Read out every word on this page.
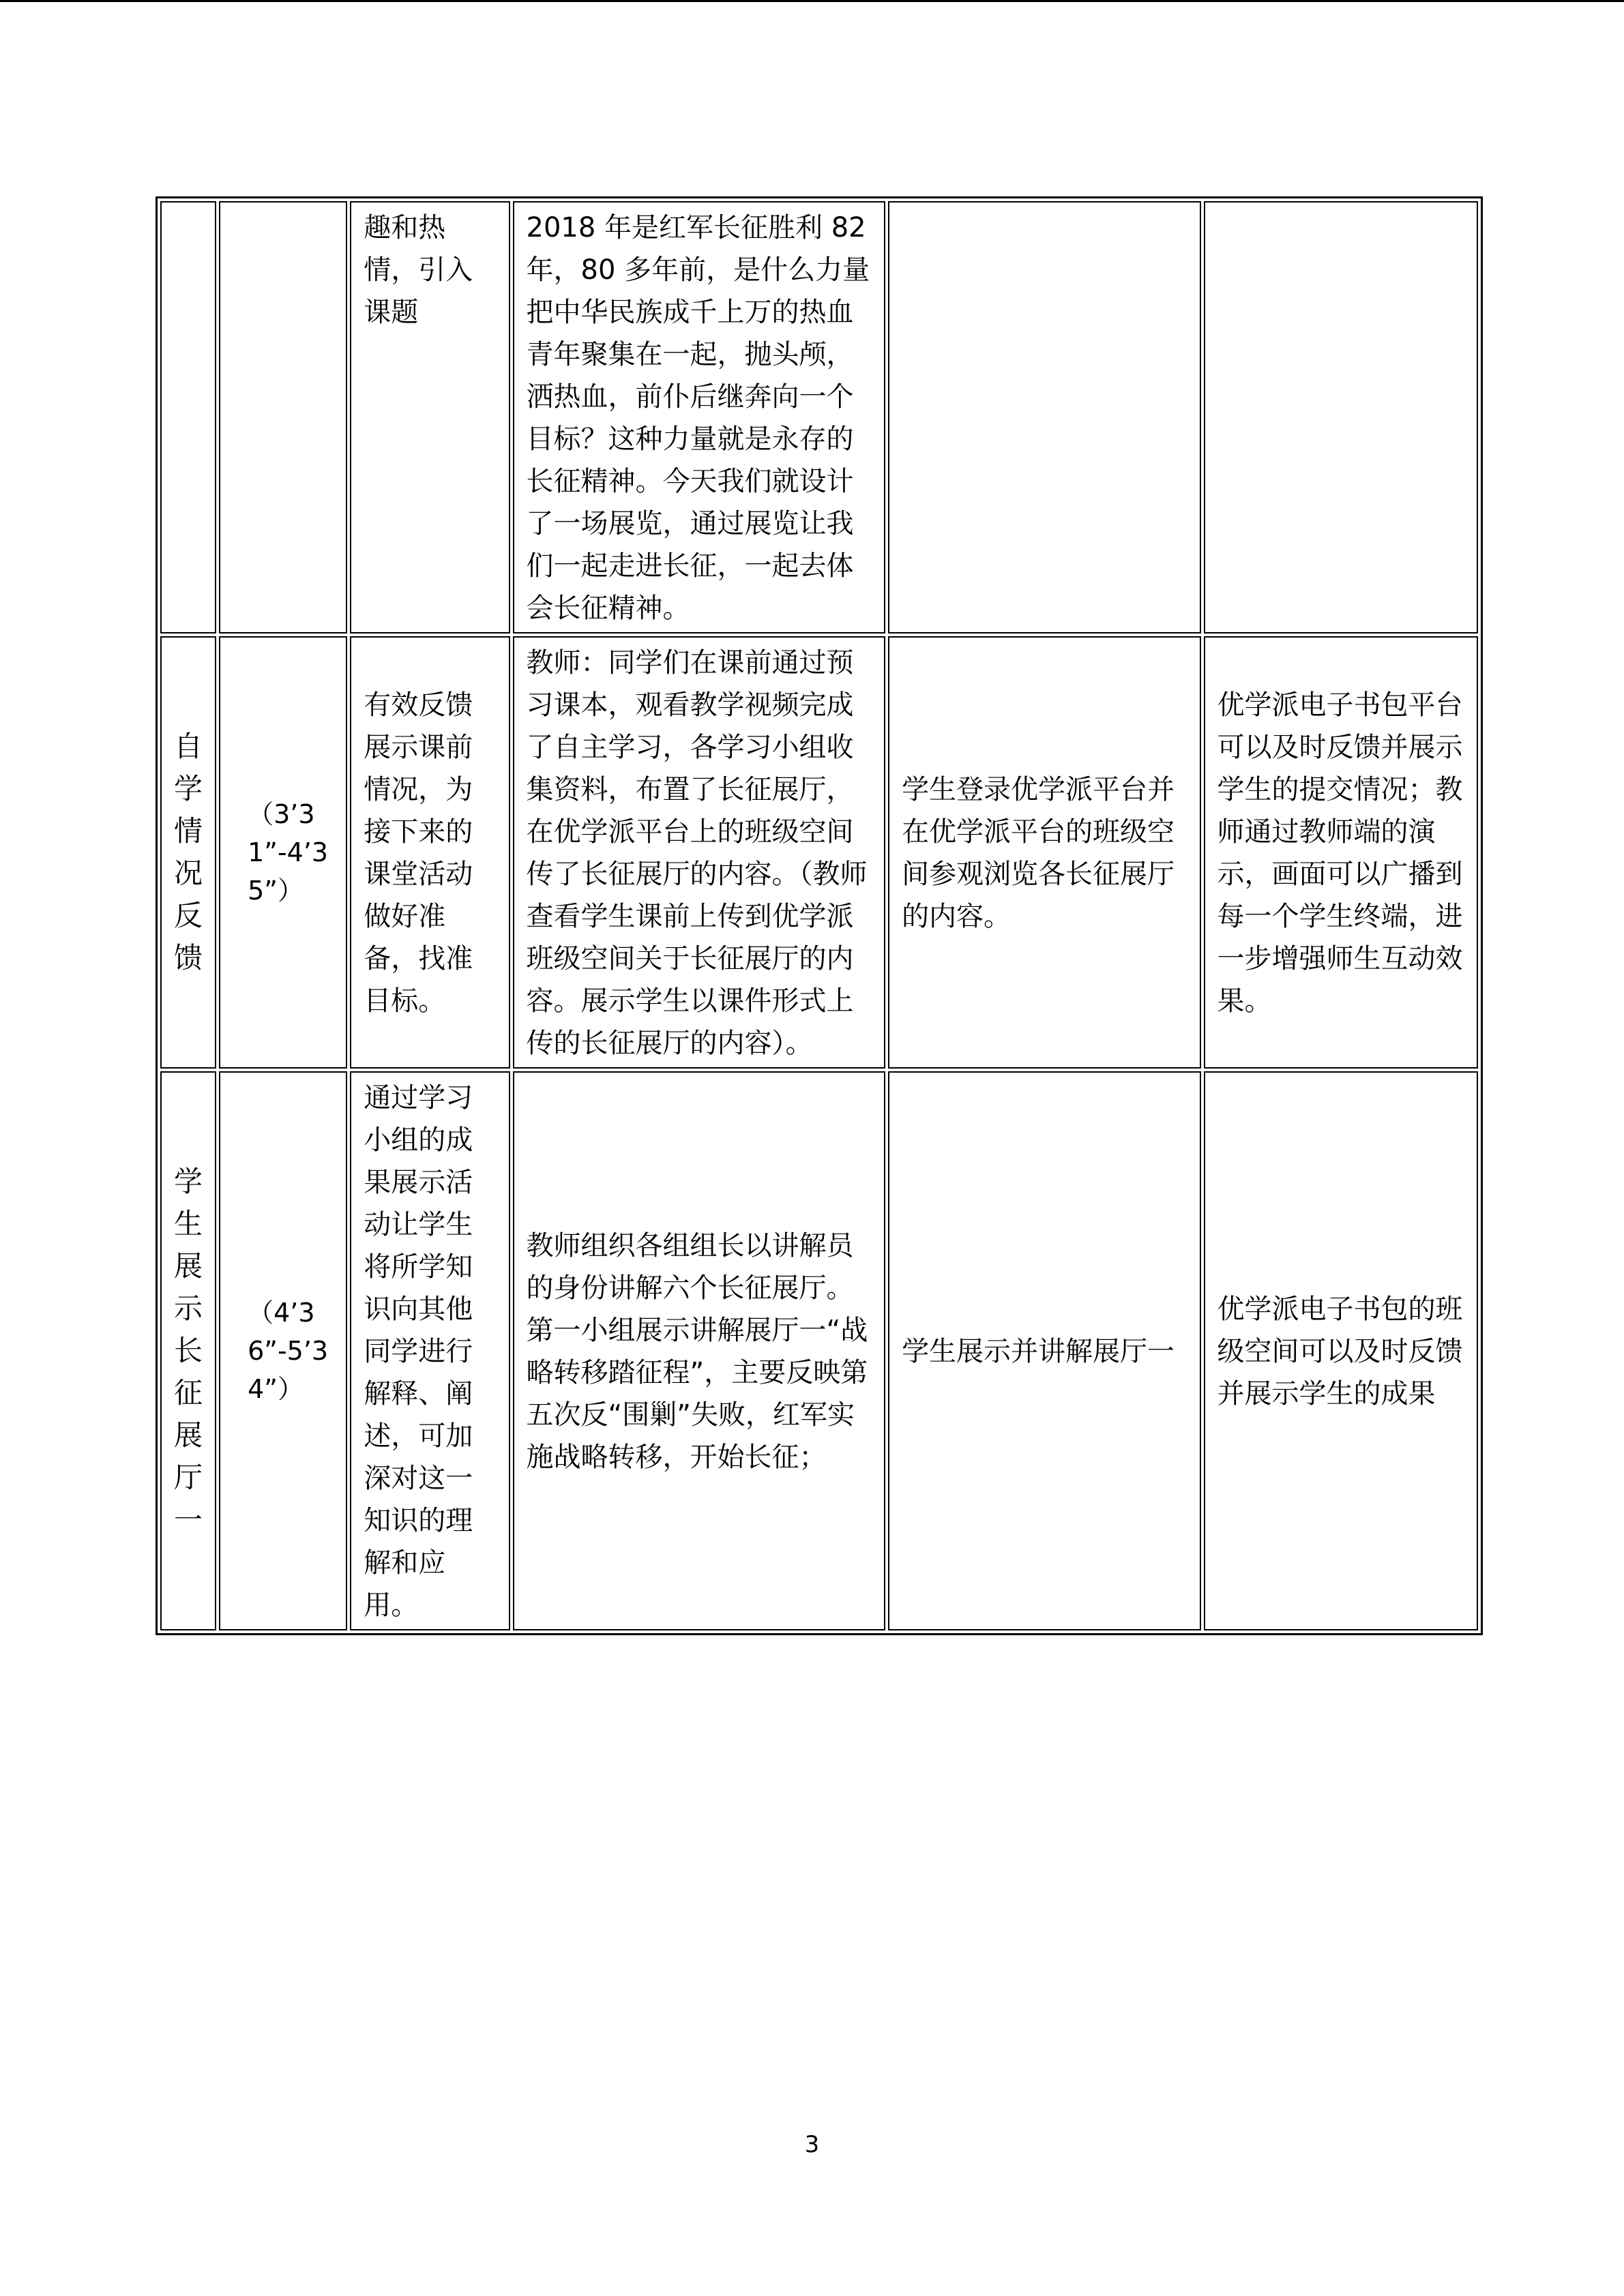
		趣和热情，引入课题	2018 年是红军长征胜利 82 年，80 多年前，是什么力量把中华民族成千上万的热血青年聚集在一起，抛头颅，洒热血，前仆后继奔向一个目标？这种力量就是永存的长征精神。今天我们就设计了一场展览，通过展览让我们一起走进长征，一起去体会长征精神。		
自学情况反馈	（3’31”-4’35”）	有效反馈展示课前情况，为接下来的课堂活动做好准备，找准目标。	教师：同学们在课前通过预习课本，观看教学视频完成了自主学习，各学习小组收集资料，布置了长征展厅，在优学派平台上的班级空间传了长征展厅的内容。（教师查看学生课前上传到优学派班级空间关于长征展厅的内容。展示学生以课件形式上传的长征展厅的内容）。	学生登录优学派平台并在优学派平台的班级空间参观浏览各长征展厅的内容。	优学派电子书包平台可以及时反馈并展示学生的提交情况；教师通过教师端的演示，画面可以广播到每一个学生终端，进一步增强师生互动效果。
学生展示长征展厅一	（4’36”-5’34”）	通过学习小组的成果展示活动让学生将所学知识向其他同学进行解释、阐述，可加深对这一知识的理解和应用。	教师组织各组组长以讲解员的身份讲解六个长征展厅。第一小组展示讲解展厅一“战略转移踏征程”，主要反映第五次反“围剿”失败，红军实施战略转移，开始长征；	学生展示并讲解展厅一	优学派电子书包的班级空间可以及时反馈并展示学生的成果
3
